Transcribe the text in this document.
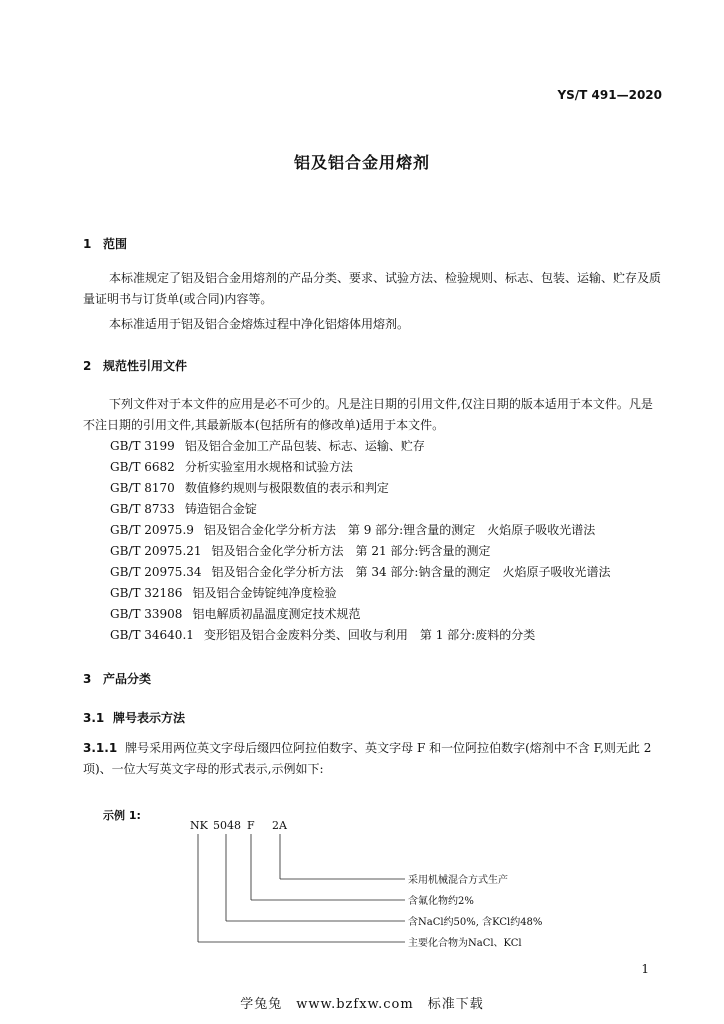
YS/T 491—2020
铝及铝合金用熔剂
1 范围
本标准规定了铝及铝合金用熔剂的产品分类、要求、试验方法、检验规则、标志、包装、运输、贮存及质量证明书与订货单(或合同)内容等。
本标准适用于铝及铝合金熔炼过程中净化铝熔体用熔剂。
2 规范性引用文件
下列文件对于本文件的应用是必不可少的。凡是注日期的引用文件,仅注日期的版本适用于本文件。凡是不注日期的引用文件,其最新版本(包括所有的修改单)适用于本文件。
GB/T 3199 铝及铝合金加工产品包装、标志、运输、贮存
GB/T 6682 分析实验室用水规格和试验方法
GB/T 8170 数值修约规则与极限数值的表示和判定
GB/T 8733 铸造铝合金锭
GB/T 20975.9 铝及铝合金化学分析方法　第 9 部分:锂含量的测定　火焰原子吸收光谱法
GB/T 20975.21 铝及铝合金化学分析方法　第 21 部分:钙含量的测定
GB/T 20975.34 铝及铝合金化学分析方法　第 34 部分:钠含量的测定　火焰原子吸收光谱法
GB/T 32186 铝及铝合金铸锭纯净度检验
GB/T 33908 铝电解质初晶温度测定技术规范
GB/T 34640.1 变形铝及铝合金废料分类、回收与利用　第 1 部分:废料的分类
3 产品分类
3.1 牌号表示方法
3.1.1 牌号采用两位英文字母后缀四位阿拉伯数字、英文字母 F 和一位阿拉伯数字(熔剂中不含 F,则无此 2 项)、一位大写英文字母的形式表示,示例如下:
示例 1:
NK 5048 F 2A
采用机械混合方式生产
含氟化物约2%
含NaCl约50%, 含KCl约48%
主要化合物为NaCl、KCl
1
学兔兔　www.bzfxw.com　标准下载
